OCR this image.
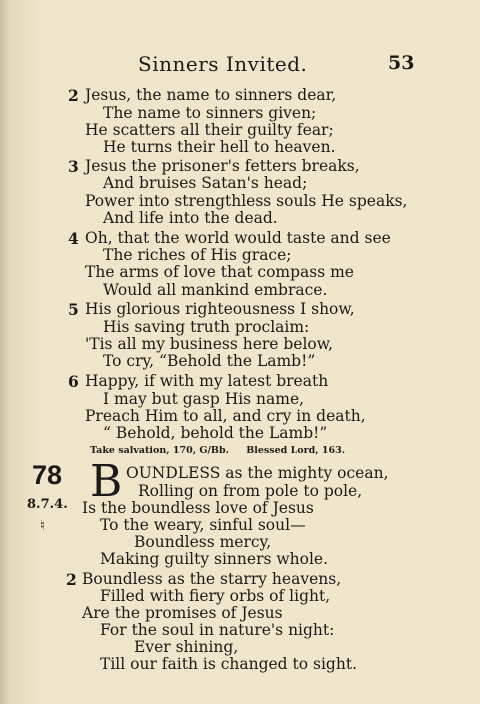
Sinners Invited.	53
2 Jesus, the name to sinners dear,
The name to sinners given;
He scatters all their guilty fear;
He turns their hell to heaven.
3 Jesus the prisoner's fetters breaks,
And bruises Satan's head;
Power into strengthless souls He speaks,
And life into the dead.
4 Oh, that the world would taste and see
The riches of His grace;
The arms of love that compass me
Would all mankind embrace.
5 His glorious righteousness I show,
His saving truth proclaim:
'Tis all my business here below,
To cry, “Behold the Lamb!”
6 Happy, if with my latest breath
I may but gasp His name,
Preach Him to all, and cry in death,
“ Behold, behold the Lamb!”
Take salvation, 170, G/Bb. Blessed Lord, 163.
78
8.7.4.
♮
B OUNDLESS as the mighty ocean,
Rolling on from pole to pole,
Is the boundless love of Jesus
To the weary, sinful soul—
Boundless mercy,
Making guilty sinners whole.
2 Boundless as the starry heavens,
Filled with fiery orbs of light,
Are the promises of Jesus
For the soul in nature's night:
Ever shining,
Till our faith is changed to sight.
